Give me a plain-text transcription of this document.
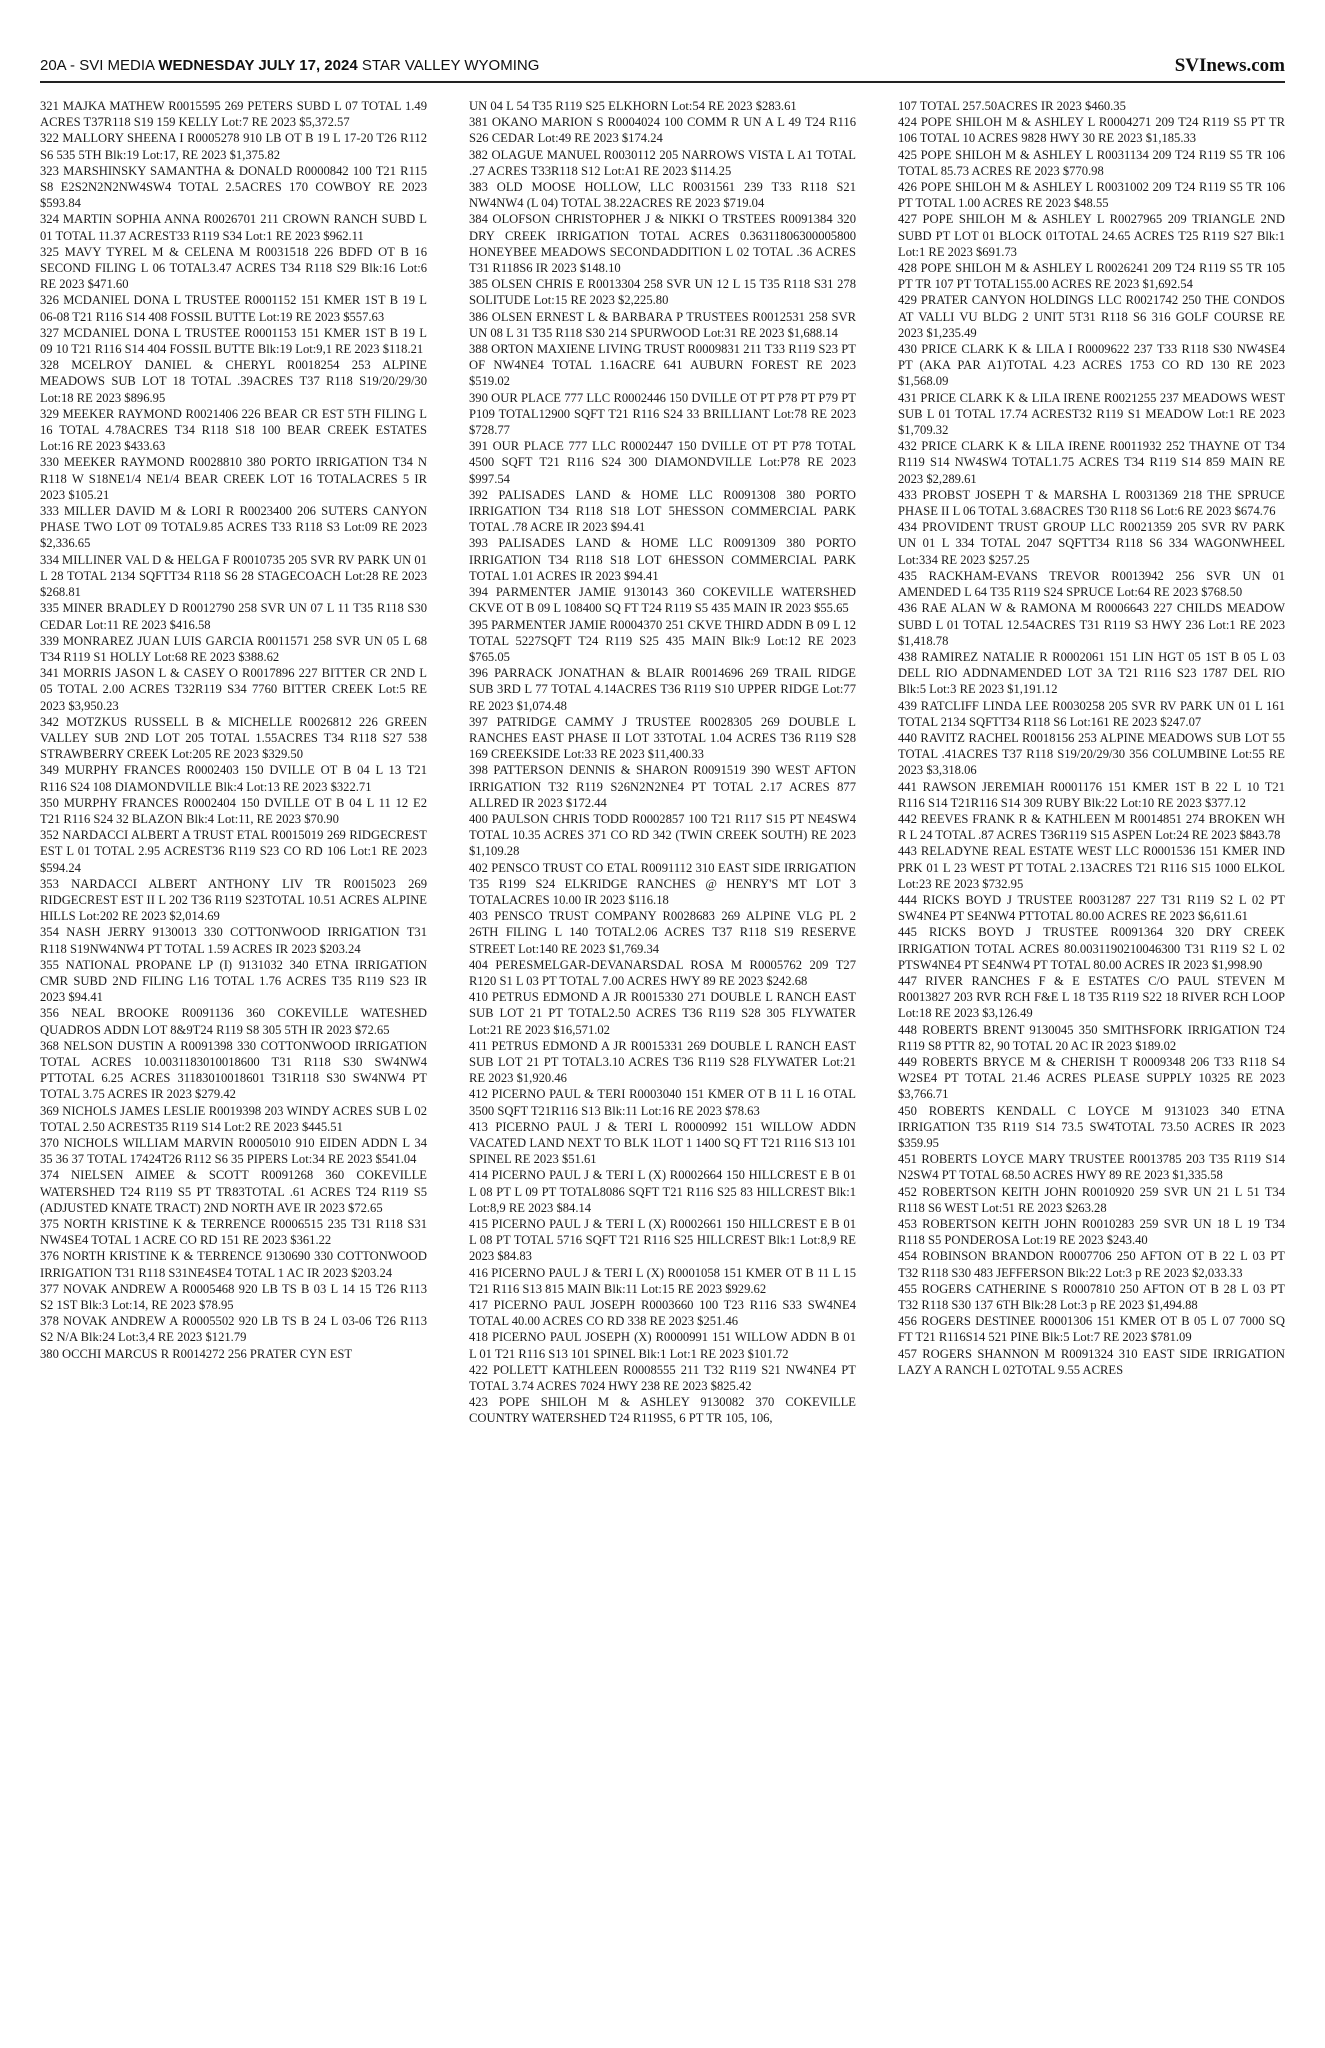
20A - SVI MEDIA WEDNESDAY JULY 17, 2024 STAR VALLEY WYOMING	SVInews.com

321 MAJKA MATHEW R0015595 269 PETERS SUBD L 07 TOTAL 1.49 ACRES T37R118 S19 159 KELLY Lot:7 RE 2023 $5,372.57

322 MALLORY SHEENA I R0005278 910 LB OT B 19 L 17-20 T26 R112 S6 535 5TH Blk:19 Lot:17, RE 2023 $1,375.82

323 MARSHINSKY SAMANTHA & DONALD R0000842 100 T21 R115 S8 E2S2N2N2NW4SW4 TOTAL 2.5ACRES 170 COWBOY RE 2023 $593.84

324 MARTIN SOPHIA ANNA R0026701 211 CROWN RANCH SUBD L 01 TOTAL 11.37 ACREST33 R119 S34 Lot:1 RE 2023 $962.11

325 MAVY TYREL M & CELENA M R0031518 226 BDFD OT B 16 SECOND FILING L 06 TOTAL3.47 ACRES T34 R118 S29 Blk:16 Lot:6 RE 2023 $471.60

326 MCDANIEL DONA L TRUSTEE R0001152 151 KMER 1ST B 19 L 06-08 T21 R116 S14 408 FOSSIL BUTTE Lot:19 RE 2023 $557.63

327 MCDANIEL DONA L TRUSTEE R0001153 151 KMER 1ST B 19 L 09 10 T21 R116 S14 404 FOSSIL BUTTE Blk:19 Lot:9,1 RE 2023 $118.21

328 MCELROY DANIEL & CHERYL R0018254 253 ALPINE MEADOWS SUB LOT 18 TOTAL .39ACRES T37 R118 S19/20/29/30 Lot:18 RE 2023 $896.95

329 MEEKER RAYMOND R0021406 226 BEAR CR EST 5TH FILING L 16 TOTAL 4.78ACRES T34 R118 S18 100 BEAR CREEK ESTATES Lot:16 RE 2023 $433.63

330 MEEKER RAYMOND R0028810 380 PORTO IRRIGATION T34 N R118 W S18NE1/4 NE1/4 BEAR CREEK LOT 16 TOTALACRES 5 IR 2023 $105.21

333 MILLER DAVID M & LORI R R0023400 206 SUTERS CANYON PHASE TWO LOT 09 TOTAL9.85 ACRES T33 R118 S3 Lot:09 RE 2023 $2,336.65

334 MILLINER VAL D & HELGA F R0010735 205 SVR RV PARK UN 01 L 28 TOTAL 2134 SQFTT34 R118 S6 28 STAGECOACH Lot:28 RE 2023 $268.81

335 MINER BRADLEY D R0012790 258 SVR UN 07 L 11 T35 R118 S30 CEDAR Lot:11 RE 2023 $416.58

339 MONRAREZ JUAN LUIS GARCIA R0011571 258 SVR UN 05 L 68 T34 R119 S1 HOLLY Lot:68 RE 2023 $388.62

341 MORRIS JASON L & CASEY O R0017896 227 BITTER CR 2ND L 05 TOTAL 2.00 ACRES T32R119 S34 7760 BITTER CREEK Lot:5 RE 2023 $3,950.23

342 MOTZKUS RUSSELL B & MICHELLE R0026812 226 GREEN VALLEY SUB 2ND LOT 205 TOTAL 1.55ACRES T34 R118 S27 538 STRAWBERRY CREEK Lot:205 RE 2023 $329.50

349 MURPHY FRANCES R0002403 150 DVILLE OT B 04 L 13 T21 R116 S24 108 DIAMONDVILLE Blk:4 Lot:13 RE 2023 $322.71

350 MURPHY FRANCES R0002404 150 DVILLE OT B 04 L 11 12 E2 T21 R116 S24 32 BLAZON Blk:4 Lot:11, RE 2023 $70.90

352 NARDACCI ALBERT A TRUST ETAL R0015019 269 RIDGECREST EST L 01 TOTAL 2.95 ACREST36 R119 S23 CO RD 106 Lot:1 RE 2023 $594.24

353 NARDACCI ALBERT ANTHONY LIV TR R0015023 269 RIDGECREST EST II L 202 T36 R119 S23TOTAL 10.51 ACRES ALPINE HILLS Lot:202 RE 2023 $2,014.69

354 NASH JERRY 9130013 330 COTTONWOOD IRRIGATION T31 R118 S19NW4NW4 PT TOTAL 1.59 ACRES IR 2023 $203.24

355 NATIONAL PROPANE LP (I) 9131032 340 ETNA IRRIGATION CMR SUBD 2ND FILING L16 TOTAL 1.76 ACRES T35 R119 S23 IR 2023 $94.41

356 NEAL BROOKE R0091136 360 COKEVILLE WATESHED QUADROS ADDN LOT 8&9T24 R119 S8 305 5TH IR 2023 $72.65

368 NELSON DUSTIN A R0091398 330 COTTONWOOD IRRIGATION TOTAL ACRES 10.0031183010018600 T31 R118 S30 SW4NW4 PTTOTAL 6.25 ACRES 31183010018601 T31R118 S30 SW4NW4 PT TOTAL 3.75 ACRES IR 2023 $279.42

369 NICHOLS JAMES LESLIE R0019398 203 WINDY ACRES SUB L 02 TOTAL 2.50 ACREST35 R119 S14 Lot:2 RE 2023 $445.51

370 NICHOLS WILLIAM MARVIN R0005010 910 EIDEN ADDN L 34 35 36 37 TOTAL 17424T26 R112 S6 35 PIPERS Lot:34 RE 2023 $541.04

374 NIELSEN AIMEE & SCOTT R0091268 360 COKEVILLE WATERSHED T24 R119 S5 PT TR83TOTAL .61 ACRES T24 R119 S5 (ADJUSTED KNATE TRACT) 2ND NORTH AVE IR 2023 $72.65

375 NORTH KRISTINE K & TERRENCE R0006515 235 T31 R118 S31 NW4SE4 TOTAL 1 ACRE CO RD 151 RE 2023 $361.22

376 NORTH KRISTINE K & TERRENCE 9130690 330 COTTONWOOD IRRIGATION T31 R118 S31NE4SE4 TOTAL 1 AC IR 2023 $203.24

377 NOVAK ANDREW A R0005468 920 LB TS B 03 L 14 15 T26 R113 S2 1ST Blk:3 Lot:14, RE 2023 $78.95

378 NOVAK ANDREW A R0005502 920 LB TS B 24 L 03-06 T26 R113 S2 N/A Blk:24 Lot:3,4 RE 2023 $121.79

380 OCCHI MARCUS R R0014272 256 PRATER CYN EST

UN 04 L 54 T35 R119 S25 ELKHORN Lot:54 RE 2023 $283.61

381 OKANO MARION S R0004024 100 COMM R UN A L 49 T24 R116 S26 CEDAR Lot:49 RE 2023 $174.24

382 OLAGUE MANUEL R0030112 205 NARROWS VISTA L A1 TOTAL .27 ACRES T33R118 S12 Lot:A1 RE 2023 $114.25

383 OLD MOOSE HOLLOW, LLC R0031561 239 T33 R118 S21 NW4NW4 (L 04) TOTAL 38.22ACRES RE 2023 $719.04

384 OLOFSON CHRISTOPHER J & NIKKI O TRSTEES R0091384 320 DRY CREEK IRRIGATION TOTAL ACRES 0.36311806300005800 HONEYBEE MEADOWS SECONDADDITION L 02 TOTAL .36 ACRES T31 R118S6 IR 2023 $148.10

385 OLSEN CHRIS E R0013304 258 SVR UN 12 L 15 T35 R118 S31 278 SOLITUDE Lot:15 RE 2023 $2,225.80

386 OLSEN ERNEST L & BARBARA P TRUSTEES R0012531 258 SVR UN 08 L 31 T35 R118 S30 214 SPURWOOD Lot:31 RE 2023 $1,688.14

388 ORTON MAXIENE LIVING TRUST R0009831 211 T33 R119 S23 PT OF NW4NE4 TOTAL 1.16ACRE 641 AUBURN FOREST RE 2023 $519.02

390 OUR PLACE 777 LLC R0002446 150 DVILLE OT PT P78 PT P79 PT P109 TOTAL12900 SQFT T21 R116 S24 33 BRILLIANT Lot:78 RE 2023 $728.77

391 OUR PLACE 777 LLC R0002447 150 DVILLE OT PT P78 TOTAL 4500 SQFT T21 R116 S24 300 DIAMONDVILLE Lot:P78 RE 2023 $997.54

392 PALISADES LAND & HOME LLC R0091308 380 PORTO IRRIGATION T34 R118 S18 LOT 5HESSON COMMERCIAL PARK TOTAL .78 ACRE IR 2023 $94.41

393 PALISADES LAND & HOME LLC R0091309 380 PORTO IRRIGATION T34 R118 S18 LOT 6HESSON COMMERCIAL PARK TOTAL 1.01 ACRES IR 2023 $94.41

394 PARMENTER JAMIE 9130143 360 COKEVILLE WATERSHED CKVE OT B 09 L 108400 SQ FT T24 R119 S5 435 MAIN IR 2023 $55.65

395 PARMENTER JAMIE R0004370 251 CKVE THIRD ADDN B 09 L 12 TOTAL 5227SQFT T24 R119 S25 435 MAIN Blk:9 Lot:12 RE 2023 $765.05

396 PARRACK JONATHAN & BLAIR R0014696 269 TRAIL RIDGE SUB 3RD L 77 TOTAL 4.14ACRES T36 R119 S10 UPPER RIDGE Lot:77 RE 2023 $1,074.48

397 PATRIDGE CAMMY J TRUSTEE R0028305 269 DOUBLE L RANCHES EAST PHASE II LOT 33TOTAL 1.04 ACRES T36 R119 S28 169 CREEKSIDE Lot:33 RE 2023 $11,400.33

398 PATTERSON DENNIS & SHARON R0091519 390 WEST AFTON IRRIGATION T32 R119 S26N2N2NE4 PT TOTAL 2.17 ACRES 877 ALLRED IR 2023 $172.44

400 PAULSON CHRIS TODD R0002857 100 T21 R117 S15 PT NE4SW4 TOTAL 10.35 ACRES 371 CO RD 342 (TWIN CREEK SOUTH) RE 2023 $1,109.28

402 PENSCO TRUST CO ETAL R0091112 310 EAST SIDE IRRIGATION T35 R199 S24 ELKRIDGE RANCHES @ HENRY'S MT LOT 3 TOTALACRES 10.00 IR 2023 $116.18

403 PENSCO TRUST COMPANY R0028683 269 ALPINE VLG PL 2 26TH FILING L 140 TOTAL2.06 ACRES T37 R118 S19 RESERVE STREET Lot:140 RE 2023 $1,769.34

404 PERESMELGAR-DEVANARSDAL ROSA M R0005762 209 T27 R120 S1 L 03 PT TOTAL 7.00 ACRES HWY 89 RE 2023 $242.68

410 PETRUS EDMOND A JR R0015330 271 DOUBLE L RANCH EAST SUB LOT 21 PT TOTAL2.50 ACRES T36 R119 S28 305 FLYWATER Lot:21 RE 2023 $16,571.02

411 PETRUS EDMOND A JR R0015331 269 DOUBLE L RANCH EAST SUB LOT 21 PT TOTAL3.10 ACRES T36 R119 S28 FLYWATER Lot:21 RE 2023 $1,920.46

412 PICERNO PAUL & TERI R0003040 151 KMER OT B 11 L 16 OTAL 3500 SQFT T21R116 S13 Blk:11 Lot:16 RE 2023 $78.63

413 PICERNO PAUL J & TERI L R0000992 151 WILLOW ADDN VACATED LAND NEXT TO BLK 1LOT 1 1400 SQ FT T21 R116 S13 101 SPINEL RE 2023 $51.61

414 PICERNO PAUL J & TERI L (X) R0002664 150 HILLCREST E B 01 L 08 PT L 09 PT TOTAL8086 SQFT T21 R116 S25 83 HILLCREST Blk:1 Lot:8,9 RE 2023 $84.14

415 PICERNO PAUL J & TERI L (X) R0002661 150 HILLCREST E B 01 L 08 PT TOTAL 5716 SQFT T21 R116 S25 HILLCREST Blk:1 Lot:8,9 RE 2023 $84.83

416 PICERNO PAUL J & TERI L (X) R0001058 151 KMER OT B 11 L 15 T21 R116 S13 815 MAIN Blk:11 Lot:15 RE 2023 $929.62

417 PICERNO PAUL JOSEPH R0003660 100 T23 R116 S33 SW4NE4 TOTAL 40.00 ACRES CO RD 338 RE 2023 $251.46

418 PICERNO PAUL JOSEPH (X) R0000991 151 WILLOW ADDN B 01 L 01 T21 R116 S13 101 SPINEL Blk:1 Lot:1 RE 2023 $101.72

422 POLLETT KATHLEEN R0008555 211 T32 R119 S21 NW4NE4 PT TOTAL 3.74 ACRES 7024 HWY 238 RE 2023 $825.42

423 POPE SHILOH M & ASHLEY 9130082 370 COKEVILLE COUNTRY WATERSHED T24 R119S5, 6 PT TR 105, 106,

107 TOTAL 257.50ACRES IR 2023 $460.35

424 POPE SHILOH M & ASHLEY L R0004271 209 T24 R119 S5 PT TR 106 TOTAL 10 ACRES 9828 HWY 30 RE 2023 $1,185.33

425 POPE SHILOH M & ASHLEY L R0031134 209 T24 R119 S5 TR 106 TOTAL 85.73 ACRES RE 2023 $770.98

426 POPE SHILOH M & ASHLEY L R0031002 209 T24 R119 S5 TR 106 PT TOTAL 1.00 ACRES RE 2023 $48.55

427 POPE SHILOH M & ASHLEY L R0027965 209 TRIANGLE 2ND SUBD PT LOT 01 BLOCK 01TOTAL 24.65 ACRES T25 R119 S27 Blk:1 Lot:1 RE 2023 $691.73

428 POPE SHILOH M & ASHLEY L R0026241 209 T24 R119 S5 TR 105 PT TR 107 PT TOTAL155.00 ACRES RE 2023 $1,692.54

429 PRATER CANYON HOLDINGS LLC R0021742 250 THE CONDOS AT VALLI VU BLDG 2 UNIT 5T31 R118 S6 316 GOLF COURSE RE 2023 $1,235.49

430 PRICE CLARK K & LILA I R0009622 237 T33 R118 S30 NW4SE4 PT (AKA PAR A1)TOTAL 4.23 ACRES 1753 CO RD 130 RE 2023 $1,568.09

431 PRICE CLARK K & LILA IRENE R0021255 237 MEADOWS WEST SUB L 01 TOTAL 17.74 ACREST32 R119 S1 MEADOW Lot:1 RE 2023 $1,709.32

432 PRICE CLARK K & LILA IRENE R0011932 252 THAYNE OT T34 R119 S14 NW4SW4 TOTAL1.75 ACRES T34 R119 S14 859 MAIN RE 2023 $2,289.61

433 PROBST JOSEPH T & MARSHA L R0031369 218 THE SPRUCE PHASE II L 06 TOTAL 3.68ACRES T30 R118 S6 Lot:6 RE 2023 $674.76

434 PROVIDENT TRUST GROUP LLC R0021359 205 SVR RV PARK UN 01 L 334 TOTAL 2047 SQFTT34 R118 S6 334 WAGONWHEEL Lot:334 RE 2023 $257.25

435 RACKHAM-EVANS TREVOR R0013942 256 SVR UN 01 AMENDED L 64 T35 R119 S24 SPRUCE Lot:64 RE 2023 $768.50

436 RAE ALAN W & RAMONA M R0006643 227 CHILDS MEADOW SUBD L 01 TOTAL 12.54ACRES T31 R119 S3 HWY 236 Lot:1 RE 2023 $1,418.78

438 RAMIREZ NATALIE R R0002061 151 LIN HGT 05 1ST B 05 L 03 DELL RIO ADDNAMENDED LOT 3A T21 R116 S23 1787 DEL RIO Blk:5 Lot:3 RE 2023 $1,191.12

439 RATCLIFF LINDA LEE R0030258 205 SVR RV PARK UN 01 L 161 TOTAL 2134 SQFTT34 R118 S6 Lot:161 RE 2023 $247.07

440 RAVITZ RACHEL R0018156 253 ALPINE MEADOWS SUB LOT 55 TOTAL .41ACRES T37 R118 S19/20/29/30 356 COLUMBINE Lot:55 RE 2023 $3,318.06

441 RAWSON JEREMIAH R0001176 151 KMER 1ST B 22 L 10 T21 R116 S14 T21R116 S14 309 RUBY Blk:22 Lot:10 RE 2023 $377.12

442 REEVES FRANK R & KATHLEEN M R0014851 274 BROKEN WH R L 24 TOTAL .87 ACRES T36R119 S15 ASPEN Lot:24 RE 2023 $843.78

443 RELADYNE REAL ESTATE WEST LLC R0001536 151 KMER IND PRK 01 L 23 WEST PT TOTAL 2.13ACRES T21 R116 S15 1000 ELKOL Lot:23 RE 2023 $732.95

444 RICKS BOYD J TRUSTEE R0031287 227 T31 R119 S2 L 02 PT SW4NE4 PT SE4NW4 PTTOTAL 80.00 ACRES RE 2023 $6,611.61

445 RICKS BOYD J TRUSTEE R0091364 320 DRY CREEK IRRIGATION TOTAL ACRES 80.0031190210046300 T31 R119 S2 L 02 PTSW4NE4 PT SE4NW4 PT TOTAL 80.00 ACRES IR 2023 $1,998.90

447 RIVER RANCHES F & E ESTATES C/O PAUL STEVEN M R0013827 203 RVR RCH F&E L 18 T35 R119 S22 18 RIVER RCH LOOP Lot:18 RE 2023 $3,126.49

448 ROBERTS BRENT 9130045 350 SMITHSFORK IRRIGATION T24 R119 S8 PTTR 82, 90 TOTAL 20 AC IR 2023 $189.02

449 ROBERTS BRYCE M & CHERISH T R0009348 206 T33 R118 S4 W2SE4 PT TOTAL 21.46 ACRES PLEASE SUPPLY 10325 RE 2023 $3,766.71

450 ROBERTS KENDALL C LOYCE M 9131023 340 ETNA IRRIGATION T35 R119 S14 73.5 SW4TOTAL 73.50 ACRES IR 2023 $359.95

451 ROBERTS LOYCE MARY TRUSTEE R0013785 203 T35 R119 S14 N2SW4 PT TOTAL 68.50 ACRES HWY 89 RE 2023 $1,335.58

452 ROBERTSON KEITH JOHN R0010920 259 SVR UN 21 L 51 T34 R118 S6 WEST Lot:51 RE 2023 $263.28

453 ROBERTSON KEITH JOHN R0010283 259 SVR UN 18 L 19 T34 R118 S5 PONDEROSA Lot:19 RE 2023 $243.40

454 ROBINSON BRANDON R0007706 250 AFTON OT B 22 L 03 PT T32 R118 S30 483 JEFFERSON Blk:22 Lot:3 p RE 2023 $2,033.33

455 ROGERS CATHERINE S R0007810 250 AFTON OT B 28 L 03 PT T32 R118 S30 137 6TH Blk:28 Lot:3 p RE 2023 $1,494.88

456 ROGERS DESTINEE R0001306 151 KMER OT B 05 L 07 7000 SQ FT T21 R116S14 521 PINE Blk:5 Lot:7 RE 2023 $781.09

457 ROGERS SHANNON M R0091324 310 EAST SIDE IRRIGATION LAZY A RANCH L 02TOTAL 9.55 ACRES
